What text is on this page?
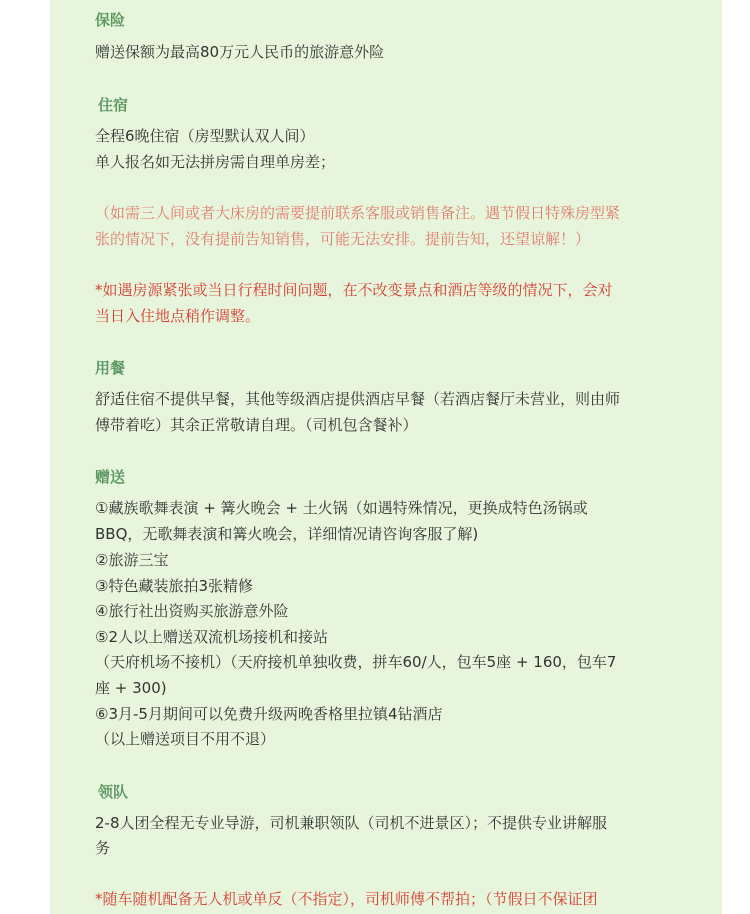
保险
赠送保额为最高80万元人民币的旅游意外险
住宿
全程6晚住宿（房型默认双人间）
单人报名如无法拼房需自理单房差；
（如需三人间或者大床房的需要提前联系客服或销售备注。遇节假日特殊房型紧
张的情况下，没有提前告知销售，可能无法安排。提前告知，还望谅解！）
*如遇房源紧张或当日行程时间问题，在不改变景点和酒店等级的情况下，会对
当日入住地点稍作调整。
用餐
舒适住宿不提供早餐，其他等级酒店提供酒店早餐（若酒店餐厅未营业，则由师
傅带着吃）其余正常敬请自理。（司机包含餐补）
赠送
①藏族歌舞表演 + 篝火晚会 + 土火锅（如遇特殊情况，更换成特色汤锅或
BBQ，无歌舞表演和篝火晚会，详细情况请咨询客服了解)
②旅游三宝
③特色藏装旅拍3张精修
④旅行社出资购买旅游意外险
⑤2人以上赠送双流机场接机和接站
（天府机场不接机）（天府接机单独收费，拼车60/人，包车5座 + 160，包车7
座 + 300)
⑥3月-5月期间可以免费升级两晚香格里拉镇4钻酒店
（以上赠送项目不用不退）
领队
2-8人团全程无专业导游，司机兼职领队（司机不进景区）；不提供专业讲解服
务
*随车随机配备无人机或单反（不指定），司机师傅不帮拍；（节假日不保证团
